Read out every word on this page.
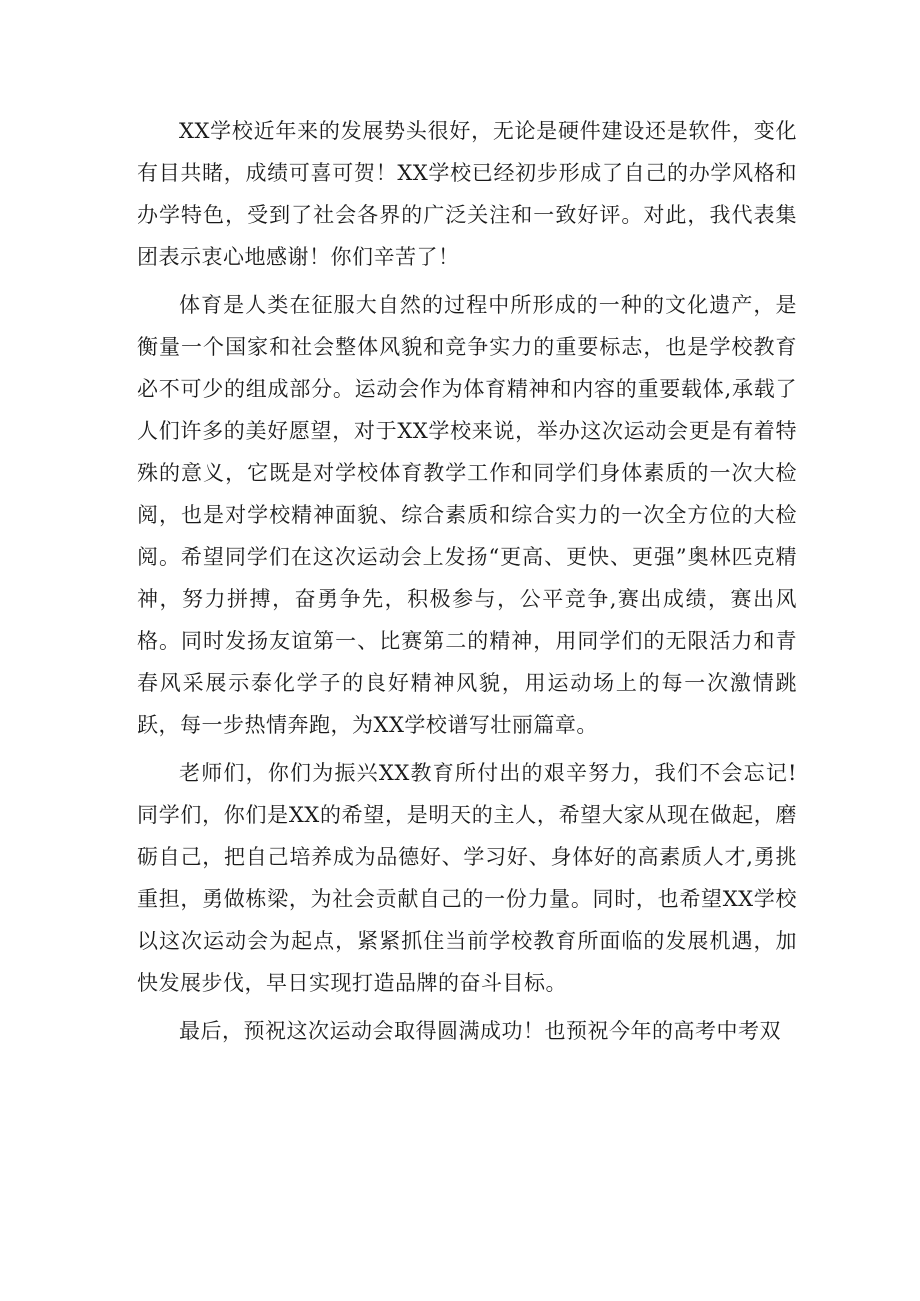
XX学校近年来的发展势头很好，无论是硬件建设还是软件，变化有目共睹，成绩可喜可贺！XX学校已经初步形成了自己的办学风格和办学特色，受到了社会各界的广泛关注和一致好评。对此，我代表集团表示衷心地感谢！你们辛苦了！

体育是人类在征服大自然的过程中所形成的一种的文化遗产，是衡量一个国家和社会整体风貌和竞争实力的重要标志，也是学校教育必不可少的组成部分。运动会作为体育精神和内容的重要载体,承载了人们许多的美好愿望，对于XX学校来说，举办这次运动会更是有着特殊的意义，它既是对学校体育教学工作和同学们身体素质的一次大检阅，也是对学校精神面貌、综合素质和综合实力的一次全方位的大检阅。希望同学们在这次运动会上发扬“更高、更快、更强”奥林匹克精神，努力拼搏，奋勇争先，积极参与，公平竞争,赛出成绩，赛出风格。同时发扬友谊第一、比赛第二的精神，用同学们的无限活力和青春风采展示泰化学子的良好精神风貌，用运动场上的每一次激情跳跃，每一步热情奔跑，为XX学校谱写壮丽篇章。

老师们，你们为振兴XX教育所付出的艰辛努力，我们不会忘记!同学们，你们是XX的希望，是明天的主人，希望大家从现在做起，磨砺自己，把自己培养成为品德好、学习好、身体好的高素质人才,勇挑重担，勇做栋梁，为社会贡献自己的一份力量。同时，也希望XX学校以这次运动会为起点，紧紧抓住当前学校教育所面临的发展机遇，加快发展步伐，早日实现打造品牌的奋斗目标。

最后，预祝这次运动会取得圆满成功！也预祝今年的高考中考双
